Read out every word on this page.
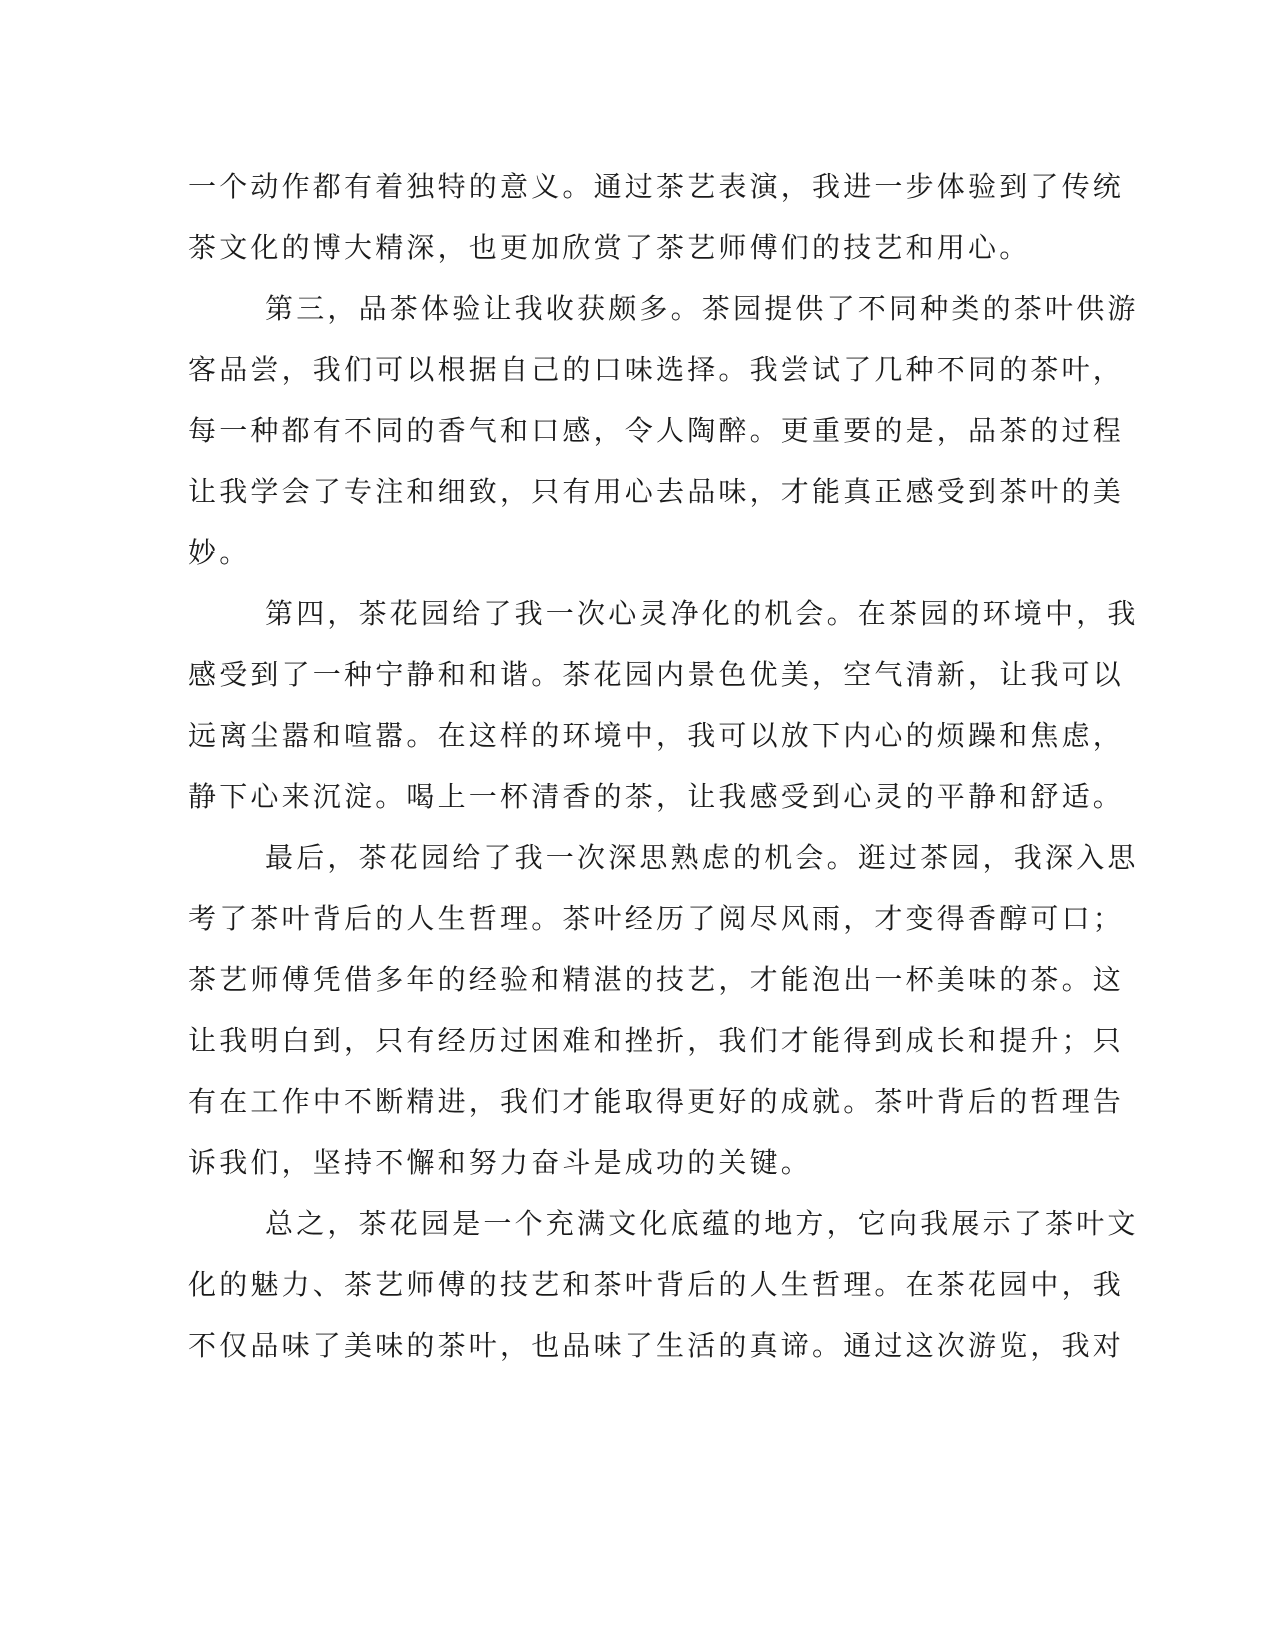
一个动作都有着独特的意义。通过茶艺表演，我进一步体验到了传统
茶文化的博大精深，也更加欣赏了茶艺师傅们的技艺和用心。
第三，品茶体验让我收获颇多。茶园提供了不同种类的茶叶供游
客品尝，我们可以根据自己的口味选择。我尝试了几种不同的茶叶，
每一种都有不同的香气和口感，令人陶醉。更重要的是，品茶的过程
让我学会了专注和细致，只有用心去品味，才能真正感受到茶叶的美
妙。
第四，茶花园给了我一次心灵净化的机会。在茶园的环境中，我
感受到了一种宁静和和谐。茶花园内景色优美，空气清新，让我可以
远离尘嚣和喧嚣。在这样的环境中，我可以放下内心的烦躁和焦虑，
静下心来沉淀。喝上一杯清香的茶，让我感受到心灵的平静和舒适。
最后，茶花园给了我一次深思熟虑的机会。逛过茶园，我深入思
考了茶叶背后的人生哲理。茶叶经历了阅尽风雨，才变得香醇可口；
茶艺师傅凭借多年的经验和精湛的技艺，才能泡出一杯美味的茶。这
让我明白到，只有经历过困难和挫折，我们才能得到成长和提升；只
有在工作中不断精进，我们才能取得更好的成就。茶叶背后的哲理告
诉我们，坚持不懈和努力奋斗是成功的关键。
总之，茶花园是一个充满文化底蕴的地方，它向我展示了茶叶文
化的魅力、茶艺师傅的技艺和茶叶背后的人生哲理。在茶花园中，我
不仅品味了美味的茶叶，也品味了生活的真谛。通过这次游览，我对
